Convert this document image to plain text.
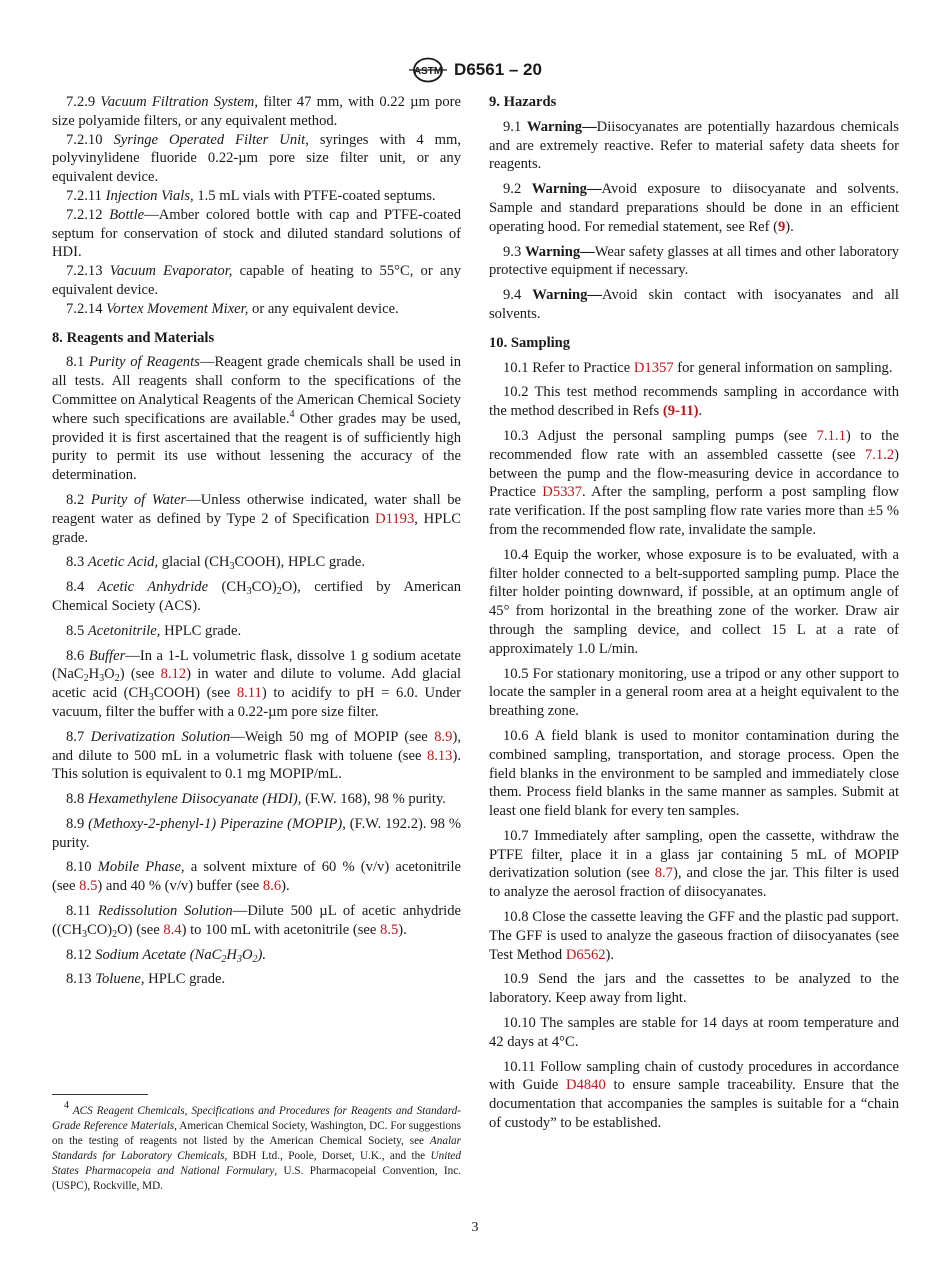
ASTM D6561 – 20

7.2.9 Vacuum Filtration System, filter 47 mm, with 0.22 µm pore size polyamide filters, or any equivalent method.

7.2.10 Syringe Operated Filter Unit, syringes with 4 mm, polyvinylidene fluoride 0.22-µm pore size filter unit, or any equivalent device.

7.2.11 Injection Vials, 1.5 mL vials with PTFE-coated septums.

7.2.12 Bottle—Amber colored bottle with cap and PTFE-coated septum for conservation of stock and diluted standard solutions of HDI.

7.2.13 Vacuum Evaporator, capable of heating to 55°C, or any equivalent device.

7.2.14 Vortex Movement Mixer, or any equivalent device.

8. Reagents and Materials

8.1 Purity of Reagents—Reagent grade chemicals shall be used in all tests. All reagents shall conform to the specifications of the Committee on Analytical Reagents of the American Chemical Society where such specifications are available.$^4$ Other grades may be used, provided it is first ascertained that the reagent is of sufficiently high purity to permit its use without lessening the accuracy of the determination.

8.2 Purity of Water—Unless otherwise indicated, water shall be reagent water as defined by Type 2 of Specification D1193, HPLC grade.

8.3 Acetic Acid, glacial $(CH_3COOH)$, HPLC grade.

8.4 Acetic Anhydride $(CH_3CO)_2O$), certified by American Chemical Society (ACS).

8.5 Acetonitrile, HPLC grade.

8.6 Buffer—In a 1-L volumetric flask, dissolve 1 g sodium acetate $(NaC_2H_3O_2)$ (see 8.12) in water and dilute to volume. Add glacial acetic acid $(CH_3COOH)$ (see 8.11) to acidify to pH = 6.0. Under vacuum, filter the buffer with a 0.22-µm pore size filter.

8.7 Derivatization Solution—Weigh 50 mg of MOPIP (see 8.9), and dilute to 500 mL in a volumetric flask with toluene (see 8.13). This solution is equivalent to 0.1 mg MOPIP/mL.

8.8 Hexamethylene Diisocyanate (HDI), (F.W. 168), 98 % purity.

8.9 (Methoxy-2-phenyl-1) Piperazine (MOPIP), (F.W. 192.2). 98 % purity.

8.10 Mobile Phase, a solvent mixture of 60 % (v/v) acetonitrile (see 8.5) and 40 % (v/v) buffer (see 8.6).

8.11 Redissolution Solution—Dilute 500 µL of acetic anhydride $((CH_3CO)_2O)$ (see 8.4) to 100 mL with acetonitrile (see 8.5).

8.12 Sodium Acetate $(NaC_2H_3O_2)$.

8.13 Toluene, HPLC grade.

$^4$ ACS Reagent Chemicals, Specifications and Procedures for Reagents and Standard-Grade Reference Materials, American Chemical Society, Washington, DC. For suggestions on the testing of reagents not listed by the American Chemical Society, see Analar Standards for Laboratory Chemicals, BDH Ltd., Poole, Dorset, U.K., and the United States Pharmacopeia and National Formulary, U.S. Pharmacopeial Convention, Inc. (USPC), Rockville, MD.

9. Hazards

9.1 Warning—Diisocyanates are potentially hazardous chemicals and are extremely reactive. Refer to material safety data sheets for reagents.

9.2 Warning—Avoid exposure to diisocyanate and solvents. Sample and standard preparations should be done in an efficient operating hood. For remedial statement, see Ref (9).

9.3 Warning—Wear safety glasses at all times and other laboratory protective equipment if necessary.

9.4 Warning—Avoid skin contact with isocyanates and all solvents.

10. Sampling

10.1 Refer to Practice D1357 for general information on sampling.

10.2 This test method recommends sampling in accordance with the method described in Refs (9-11).

10.3 Adjust the personal sampling pumps (see 7.1.1) to the recommended flow rate with an assembled cassette (see 7.1.2) between the pump and the flow-measuring device in accordance to Practice D5337. After the sampling, perform a post sampling flow rate verification. If the post sampling flow rate varies more than ±5 % from the recommended flow rate, invalidate the sample.

10.4 Equip the worker, whose exposure is to be evaluated, with a filter holder connected to a belt-supported sampling pump. Place the filter holder pointing downward, if possible, at an optimum angle of 45° from horizontal in the breathing zone of the worker. Draw air through the sampling device, and collect 15 L at a rate of approximately 1.0 L/min.

10.5 For stationary monitoring, use a tripod or any other support to locate the sampler in a general room area at a height equivalent to the breathing zone.

10.6 A field blank is used to monitor contamination during the combined sampling, transportation, and storage process. Open the field blanks in the environment to be sampled and immediately close them. Process field blanks in the same manner as samples. Submit at least one field blank for every ten samples.

10.7 Immediately after sampling, open the cassette, withdraw the PTFE filter, place it in a glass jar containing 5 mL of MOPIP derivatization solution (see 8.7), and close the jar. This filter is used to analyze the aerosol fraction of diisocyanates.

10.8 Close the cassette leaving the GFF and the plastic pad support. The GFF is used to analyze the gaseous fraction of diisocyanates (see Test Method D6562).

10.9 Send the jars and the cassettes to be analyzed to the laboratory. Keep away from light.

10.10 The samples are stable for 14 days at room temperature and 42 days at 4°C.

10.11 Follow sampling chain of custody procedures in accordance with Guide D4840 to ensure sample traceability. Ensure that the documentation that accompanies the samples is suitable for a “chain of custody” to be established.

3
